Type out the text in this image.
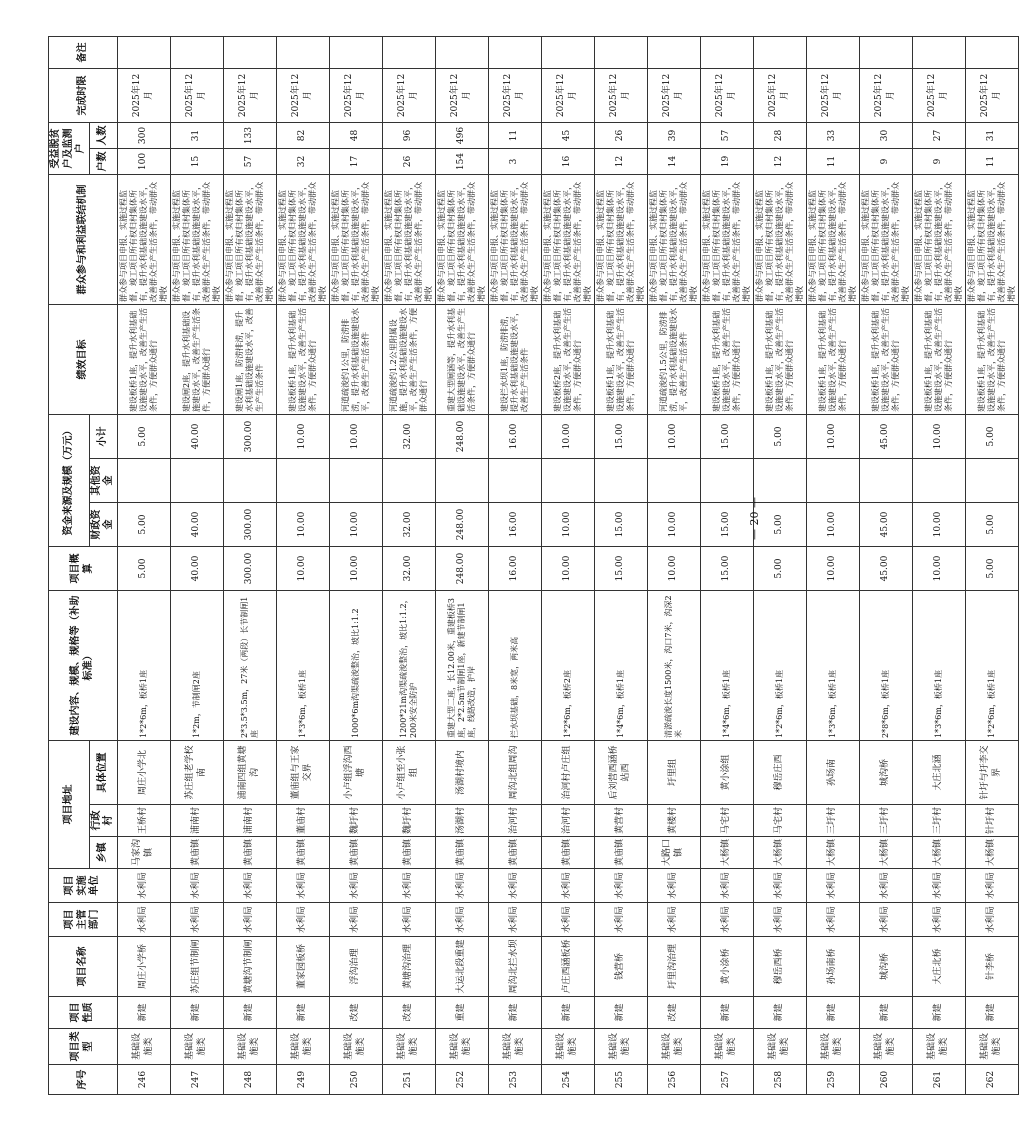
序号	项目类型	项目性质	项目名称	项目主管部门	项目实施单位	项目地址			建设内容、规模、规格等（补助标准）	项目概算	资金来源及规模（万元）			绩效目标	群众参与和利益联结机制	受益脱贫户及监测户		完成时限	备注
						乡镇	行政村	具体位置			财政资金	其他资金	小计			户数	人数		
246	基础设施类	新建	周庄小学桥	水利局	水利局	马家沟镇	王桥村	周庄小学北	1*2*6m，板桥1座	5.00	5.00		5.00	建设板桥1座，提升水利基础设施建设水平，改善生产生活条件，方便群众通行	群众参与项目申报、实施过程监督，竣工项目所有权归村集体所有，提升水利基础设施建设水平，改善群众生产生活条件，带动群众增收	100	300	2025年12月	
247	基础设施类	新建	苏庄组节制闸	水利局	水利局	黄庙镇	浦南村	苏庄组老学校南	1*2m，节制闸2座	40.00	40.00		40.00	建设闸2座，提升水利基础设施建设水平，改善生产生活条件，方便群众通行	群众参与项目申报、实施过程监督，竣工项目所有权归村集体所有，提升水利基础设施建设水平，改善群众生产生活条件，带动群众增收	15	31	2025年12月	
248	基础设施类	新建	黄塘沟节制闸	水利局	水利局	黄庙镇	浦南村	浦南四组黄塘沟	2*3.5*3.5m，27米（两段）长节制闸1座	300.00	300.00		300.00	建设闸1座，防涝排涝，提升水利基础设施建设水平，改善生产生活条件	群众参与项目申报、实施过程监督，竣工项目所有权归村集体所有，提升水利基础设施建设水平，改善群众生产生活条件，带动群众增收	57	133	2025年12月	
249	基础设施类	新建	董家园板桥	水利局	水利局	黄庙镇	董庙村	董庙组与王家交界	1*3*6m，板桥1座	10.00	10.00		10.00	建设板桥1座，提升水利基础设施建设水平，改善生产生活条件，方便群众通行	群众参与项目申报、实施过程监督，竣工项目所有权归村集体所有，提升水利基础设施建设水平，改善群众生产生活条件，带动群众增收	32	82	2025年12月	
250	基础设施类	改建	浮沟治理	水利局	水利局	黄庙镇	魏圩村	小卢组浮沟西塘	1000*6m沟渠疏浚整治，坡比1:1.2	10.00	10.00		10.00	河道疏浚约1公里，防涝排涝，提升水利基础设施建设水平，改善生产生活条件	群众参与项目申报、实施过程监督，竣工项目所有权归村集体所有，提升水利基础设施建设水平，改善群众生产生活条件，带动群众增收	17	48	2025年12月	
251	基础设施类	改建	黄塘沟治理	水利局	水利局	黄庙镇	魏圩村	小卢组至小张组	1200*21m沟渠疏浚整治，坡比1:1.2，200米安全防护	32.00	32.00		32.00	河道疏浚约1.2公里附属设施，提升水利基础设施建设水平，改善生产生活条件，方便群众通行	群众参与项目申报、实施过程监督，竣工项目所有权归村集体所有，提升水利基础设施建设水平，改善群众生产生活条件，带动群众增收	26	96	2025年12月	
252	基础设施类	重建	大运北段重建	水利局	水利局	黄庙镇	汤湖村	汤湖村境内	重建大型二座，长12.00米，重建板桥3座，2*2.5m节制闸1座，新建节制闸1座，线路改造，护岸	248.00	248.00		248.00	重建大型闸涵等，提升水利基础设施建设水平，改善生产生活条件，方便群众通行	群众参与项目申报、实施过程监督，竣工项目所有权归村集体所有，提升水利基础设施建设水平，改善群众生产生活条件，带动群众增收	154	496	2025年12月	
253	基础设施类	新建	周沟北拦水坝	水利局	水利局	黄庙镇	治河村	周沟北组周沟	拦水坝基础，8米宽，两米高	16.00	16.00		16.00	建设拦水坝1座，防涝排涝，提升水利基础设施建设水平，改善生产生活条件	群众参与项目申报、实施过程监督，竣工项目所有权归村集体所有，提升水利基础设施建设水平，改善群众生产生活条件，带动群众增收	3	11	2025年12月	
254	基础设施类	新建	卢庄西涵板桥	水利局	水利局	黄庙镇	治河村	治河村卢庄组	1*2*6m，板桥2座	10.00	10.00		10.00	建设板桥2座，提升水利基础设施建设水平，改善生产生活条件，方便群众通行	群众参与项目申报、实施过程监督，竣工项目所有权归村集体所有，提升水利基础设施建设水平，改善群众生产生活条件，带动群众增收	16	45	2025年12月	
255	基础设施类	新建	钱营桥	水利局	水利局	黄庙镇	黄营村	后刘营西涵桥站西	1*4*6m，板桥1座	15.00	15.00		15.00	建设板桥1座，提升水利基础设施建设水平，改善生产生活条件，方便群众通行	群众参与项目申报、实施过程监督，竣工项目所有权归村集体所有，提升水利基础设施建设水平，改善群众生产生活条件，带动群众增收	12	26	2025年12月	
256	基础设施类	改建	圩里沟治理	水利局	水利局	大路口镇	黄楼村	圩里组	清淤疏浚长度1500米，沟口7米，沟深2米	10.00	10.00		10.00	河道疏浚约1.5公里，防涝排涝，提升水利基础设施建设水平，改善生产生活条件	群众参与项目申报、实施过程监督，竣工项目所有权归村集体所有，提升水利基础设施建设水平，改善群众生产生活条件，带动群众增收	14	39	2025年12月	
257	基础设施类	新建	黄小涂桥	水利局	水利局	大杨镇	马宅村	黄小涂组	1*4*6m，板桥1座	15.00	15.00		15.00	建设板桥1座，提升水利基础设施建设水平，改善生产生活条件，方便群众通行	群众参与项目申报、实施过程监督，竣工项目所有权归村集体所有，提升水利基础设施建设水平，改善群众生产生活条件，带动群众增收	19	57	2025年12月	
258	基础设施类	新建	穆岳西桥	水利局	水利局	大杨镇	马宅村	穆岳庄西	1*2*6m，板桥1座	5.00	5.00		5.00	建设板桥1座，提升水利基础设施建设水平，改善生产生活条件，方便群众通行	群众参与项目申报、实施过程监督，竣工项目所有权归村集体所有，提升水利基础设施建设水平，改善群众生产生活条件，带动群众增收	12	28	2025年12月	
259	基础设施类	新建	孙场南桥	水利局	水利局	大杨镇	三圩村	孙场南	1*3*6m，板桥1座	10.00	10.00		10.00	建设板桥1座，提升水利基础设施建设水平，改善生产生活条件，方便群众通行	群众参与项目申报、实施过程监督，竣工项目所有权归村集体所有，提升水利基础设施建设水平，改善群众生产生活条件，带动群众增收	11	33	2025年12月	
260	基础设施类	新建	城沟桥	水利局	水利局	大杨镇	三圩村	城沟桥	2*8*6m，板桥1座	45.00	45.00		45.00	建设板桥1座，提升水利基础设施建设水平，改善生产生活条件，方便群众通行	群众参与项目申报、实施过程监督，竣工项目所有权归村集体所有，提升水利基础设施建设水平，改善群众生产生活条件，带动群众增收	9	30	2025年12月	
261	基础设施类	新建	大庄北桥	水利局	水利局	大杨镇	三圩村	大庄北涵	1*3*6m，板桥1座	10.00	10.00		10.00	建设板桥1座，提升水利基础设施建设水平，改善生产生活条件，方便群众通行	群众参与项目申报、实施过程监督，竣工项目所有权归村集体所有，提升水利基础设施建设水平，改善群众生产生活条件，带动群众增收	9	27	2025年12月	
262	基础设施类	新建	针李桥	水利局	水利局	大杨镇	针圩村	针圩与圩李交界	1*2*6m，板桥1座	5.00	5.00		5.00	建设板桥1座，提升水利基础设施建设水平，改善生产生活条件，方便群众通行	群众参与项目申报、实施过程监督，竣工项目所有权归村集体所有，提升水利基础设施建设水平，改善群众生产生活条件，带动群众增收	11	31	2025年12月	
— 20 —
